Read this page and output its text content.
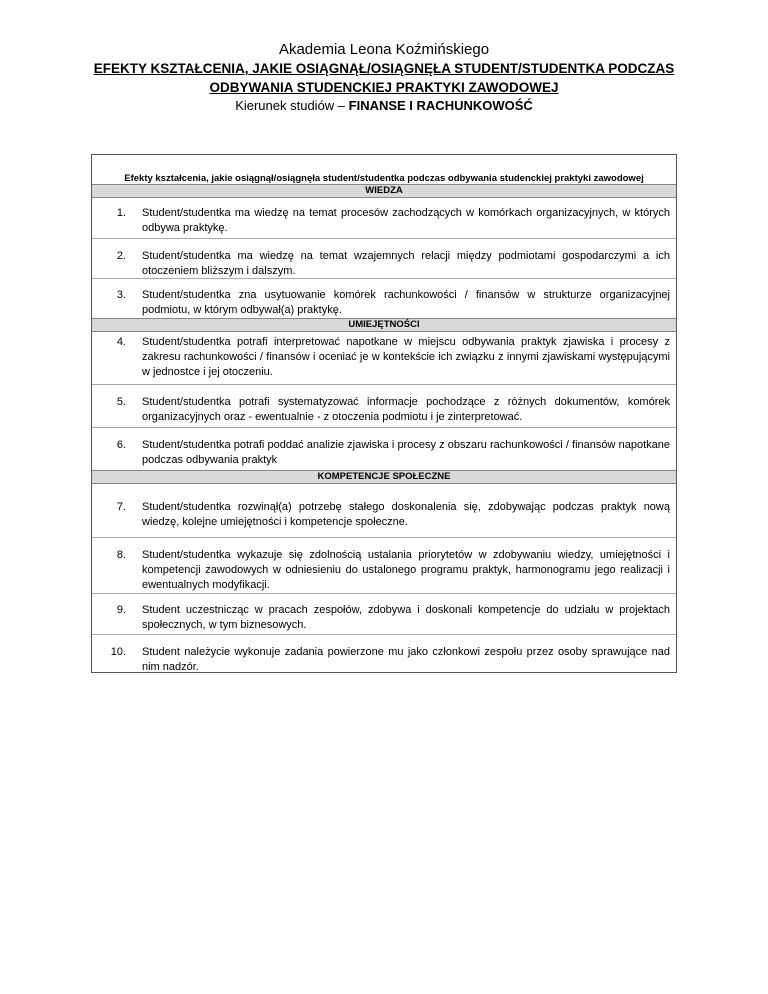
Akademia Leona Koźmińskiego
EFEKTY KSZTAŁCENIA, JAKIE OSIĄGNĄŁ/OSIĄGNĘŁA STUDENT/STUDENTKA PODCZAS
ODBYWANIA STUDENCKIEJ PRAKTYKI ZAWODOWEJ
Kierunek studiów – FINANSE I RACHUNKOWOŚĆ
Efekty kształcenia, jakie osiągnął/osiągnęła student/studentka podczas odbywania studenckiej praktyki zawodowej
WIEDZA
1.	Student/studentka ma wiedzę na temat procesów zachodzących w komórkach organizacyjnych, w których odbywa praktykę.
2.	Student/studentka ma wiedzę na temat wzajemnych relacji między podmiotami gospodarczymi a ich otoczeniem bliższym i dalszym.
3.	Student/studentka zna usytuowanie komórek rachunkowości / finansów w strukturze organizacyjnej podmiotu, w którym odbywał(a) praktykę.
UMIEJĘTNOŚCI
4.	Student/studentka potrafi interpretować napotkane w miejscu odbywania praktyk zjawiska i procesy z zakresu rachunkowości / finansów i oceniać je w kontekście ich związku z innymi zjawiskami występującymi w jednostce i jej otoczeniu.
5.	Student/studentka potrafi systematyzować informacje pochodzące z różnych dokumentów, komórek organizacyjnych oraz - ewentualnie - z otoczenia podmiotu i je zinterpretować.
6.	Student/studentka potrafi poddać analizie zjawiska i procesy z obszaru rachunkowości / finansów napotkane podczas odbywania praktyk
KOMPETENCJE SPOŁECZNE
7.	Student/studentka rozwinął(a) potrzebę stałego doskonalenia się, zdobywając podczas praktyk nową wiedzę, kolejne umiejętności i kompetencje społeczne.
8.	Student/studentka wykazuje się zdolnością ustalania priorytetów w zdobywaniu wiedzy, umiejętności i kompetencji zawodowych w odniesieniu do ustalonego programu praktyk, harmonogramu jego realizacji i ewentualnych modyfikacji.
9.	Student uczestnicząc w pracach zespołów, zdobywa i doskonali kompetencje do udziału w projektach społecznych, w tym biznesowych.
10.	Student należycie wykonuje zadania powierzone mu jako członkowi zespołu przez osoby sprawujące nad nim nadzór.
